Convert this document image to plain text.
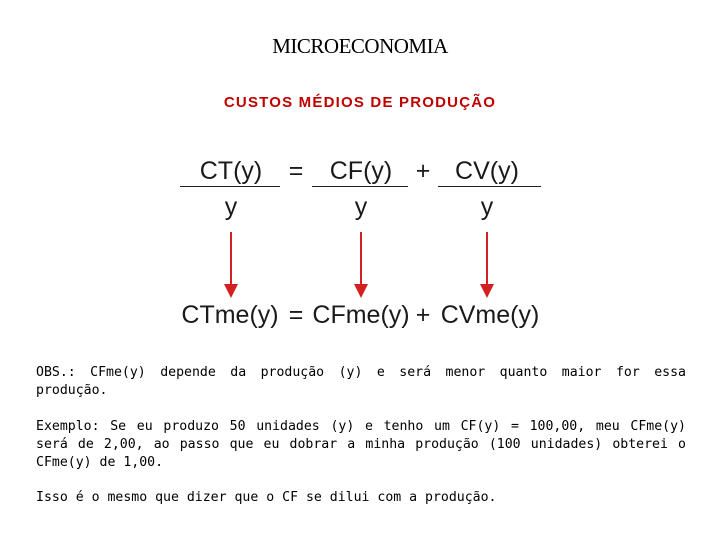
MICROECONOMIA
CUSTOS MÉDIOS DE PRODUÇÃO
CT(y) = CF(y) + CV(y)
y	y	y
CTme(y) = CFme(y) + CVme(y)

OBS.: CFme(y) depende da produção (y) e será menor quanto maior for essa produção.

Exemplo: Se eu produzo 50 unidades (y) e tenho um CF(y) = 100,00, meu CFme(y) será de 2,00, ao passo que eu dobrar a minha produção (100 unidades) obterei o CFme(y) de 1,00.

Isso é o mesmo que dizer que o CF se dilui com a produção.
